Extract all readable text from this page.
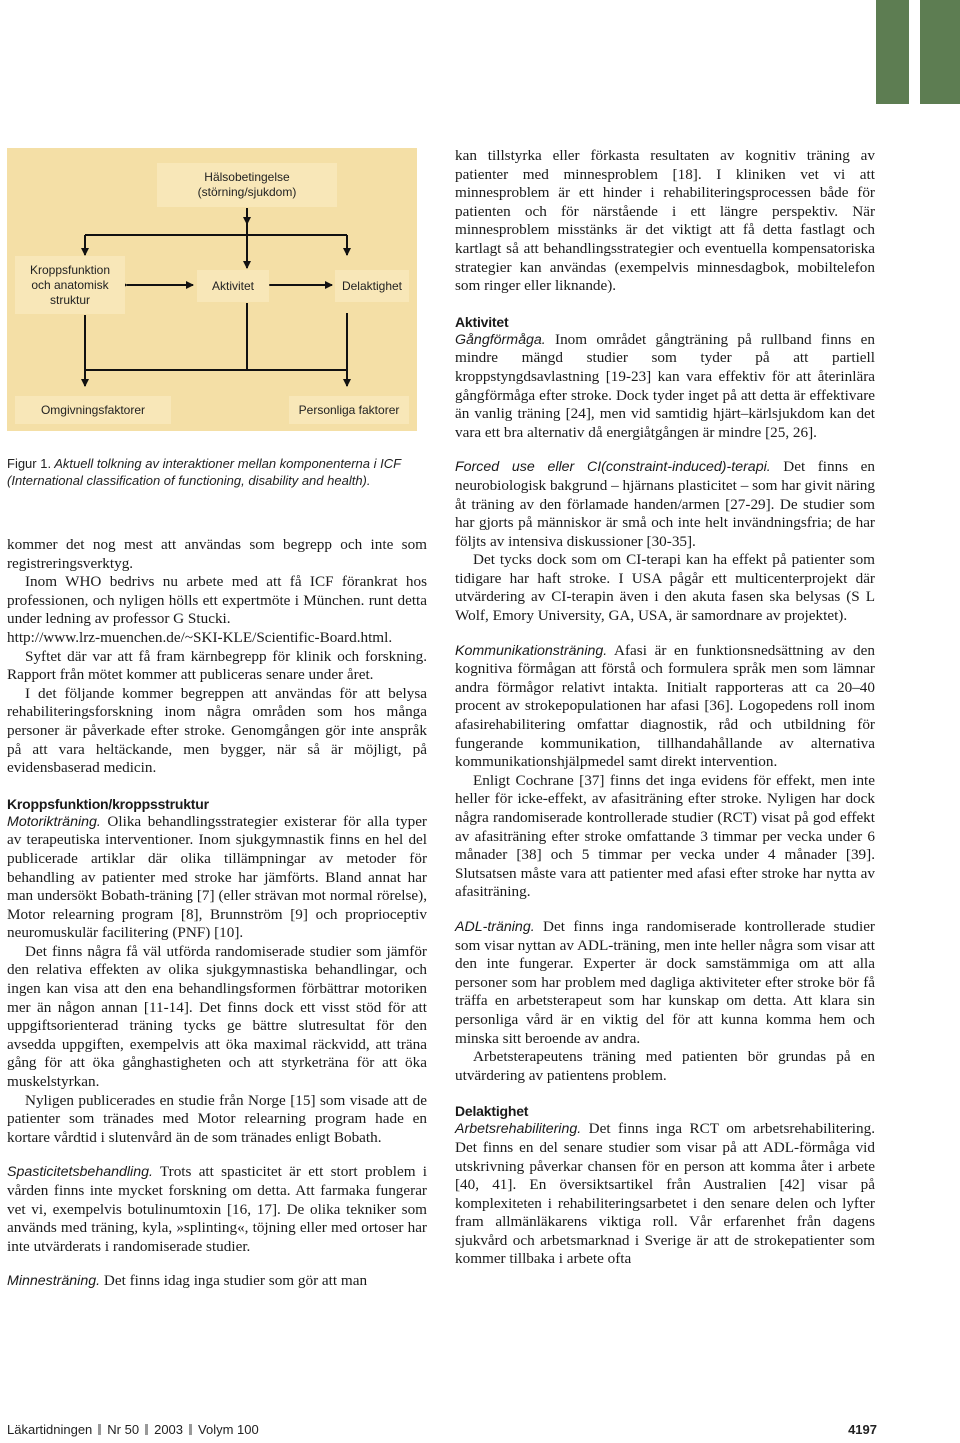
Hälsobetingelse
(störning/sjukdom)
Kroppsfunktion
och anatomisk
struktur
Aktivitet	Delaktighet
Omgivningsfaktorer	Personliga faktorer

Figur 1. Aktuell tolkning av interaktioner mellan komponenterna i ICF (International classification of functioning, disability and health).

kommer det nog mest att användas som begrepp och inte som registreringsverktyg.

Inom WHO bedrivs nu arbete med att få ICF förankrat hos professionen, och nyligen hölls ett expertmöte i München. runt detta under ledning av professor G Stucki.

http://www.lrz-muenchen.de/~SKI-KLE/Scientific-Board.html.

Syftet där var att få fram kärnbegrepp för klinik och forskning. Rapport från mötet kommer att publiceras senare under året.

I det följande kommer begreppen att användas för att belysa rehabiliteringsforskning inom några områden som hos många personer är påverkade efter stroke. Genomgången gör inte anspråk på att vara heltäckande, men bygger, när så är möjligt, på evidensbaserad medicin.

Kroppsfunktion/kroppsstruktur

Motorikträning. Olika behandlingsstrategier existerar för alla typer av terapeutiska interventioner. Inom sjukgymnastik finns en hel del publicerade artiklar där olika tillämpningar av metoder för behandling av patienter med stroke har jämförts. Bland annat har man undersökt Bobath-träning [7] (eller strävan mot normal rörelse), Motor relearning program [8], Brunnström [9] och proprioceptiv neuromuskulär facilitering (PNF) [10].

Det finns några få väl utförda randomiserade studier som jämför den relativa effekten av olika sjukgymnastiska behandlingar, och ingen kan visa att den ena behandlingsformen förbättrar motoriken mer än någon annan [11-14]. Det finns dock ett visst stöd för att uppgiftsorienterad träning tycks ge bättre slutresultat för den avsedda uppgiften, exempelvis att öka maximal räckvidd, att träna gång för att öka gånghastigheten och att styrketräna för att öka muskelstyrkan.

Nyligen publicerades en studie från Norge [15] som visade att de patienter som tränades med Motor relearning program hade en kortare vårdtid i slutenvård än de som tränades enligt Bobath.

Spasticitetsbehandling. Trots att spasticitet är ett stort problem i vården finns inte mycket forskning om detta. Att farmaka fungerar vet vi, exempelvis botulinumtoxin [16, 17]. De olika tekniker som används med träning, kyla, »splinting«, töjning eller med ortoser har inte utvärderats i randomiserade studier.

Minnesträning. Det finns idag inga studier som gör att man

kan tillstyrka eller förkasta resultaten av kognitiv träning av patienter med minnesproblem [18]. I kliniken vet vi att minnesproblem är ett hinder i rehabiliteringsprocessen både för patienten och för närstående i ett längre perspektiv. När minnesproblem misstänks är det viktigt att få detta fastlagt och kartlagt så att behandlingsstrategier och eventuella kompensatoriska strategier kan användas (exempelvis minnesdagbok, mobiltelefon som ringer eller liknande).

Aktivitet

Gångförmåga. Inom området gångträning på rullband finns en mindre mängd studier som tyder på att partiell kroppstyngdsavlastning [19-23] kan vara effektiv för att återinlära gångförmåga efter stroke. Dock tyder inget på att detta är effektivare än vanlig träning [24], men vid samtidig hjärt–kärlsjukdom kan det vara ett bra alternativ då energiåtgången är mindre [25, 26].

Forced use eller CI(constraint-induced)-terapi. Det finns en neurobiologisk bakgrund – hjärnans plasticitet – som har givit näring åt träning av den förlamade handen/armen [27-29]. De studier som har gjorts på människor är små och inte helt invändningsfria; de har följts av intensiva diskussioner [30-35].

Det tycks dock som om CI-terapi kan ha effekt på patienter som tidigare har haft stroke. I USA pågår ett multicenterprojekt där utvärdering av CI-terapin även i den akuta fasen ska belysas (S L Wolf, Emory University, GA, USA, är samordnare av projektet).

Kommunikationsträning. Afasi är en funktionsnedsättning av den kognitiva förmågan att förstå och formulera språk men som lämnar andra förmågor relativt intakta. Initialt rapporteras att ca 20–40 procent av strokepopulationen har afasi [36]. Logopedens roll inom afasirehabilitering omfattar diagnostik, råd och utbildning för fungerande kommunikation, tillhandahållande av alternativa kommunikationshjälpmedel samt direkt intervention.

Enligt Cochrane [37] finns det inga evidens för effekt, men inte heller för icke-effekt, av afasiträning efter stroke. Nyligen har dock några randomiserade kontrollerade studier (RCT) visat på god effekt av afasiträning efter stroke omfattande 3 timmar per vecka under 6 månader [38] och 5 timmar per vecka under 4 månader [39]. Slutsatsen måste vara att patienter med afasi efter stroke har nytta av afasiträning.

ADL-träning. Det finns inga randomiserade kontrollerade studier som visar nyttan av ADL-träning, men inte heller några som visar att den inte fungerar. Experter är dock samstämmiga om att alla personer som har problem med dagliga aktiviteter efter stroke bör få träffa en arbetsterapeut som har kunskap om detta. Att klara sin personliga vård är en viktig del för att kunna komma hem och minska sitt beroende av andra.

Arbetsterapeutens träning med patienten bör grundas på en utvärdering av patientens problem.

Delaktighet

Arbetsrehabilitering. Det finns inga RCT om arbetsrehabilitering. Det finns en del senare studier som visar på att ADL-förmåga vid utskrivning påverkar chansen för en person att komma åter i arbete [40, 41]. En översiktsartikel från Australien [42] visar på komplexiteten i rehabiliteringsarbetet i den senare delen och lyfter fram allmänläkarens viktiga roll. Vår erfarenhet från dagens sjukvård och arbetsmarknad i Sverige är att de strokepatienter som kommer tillbaka i arbete ofta

Läkartidningen Nr 50 2003 Volym 100	4197
